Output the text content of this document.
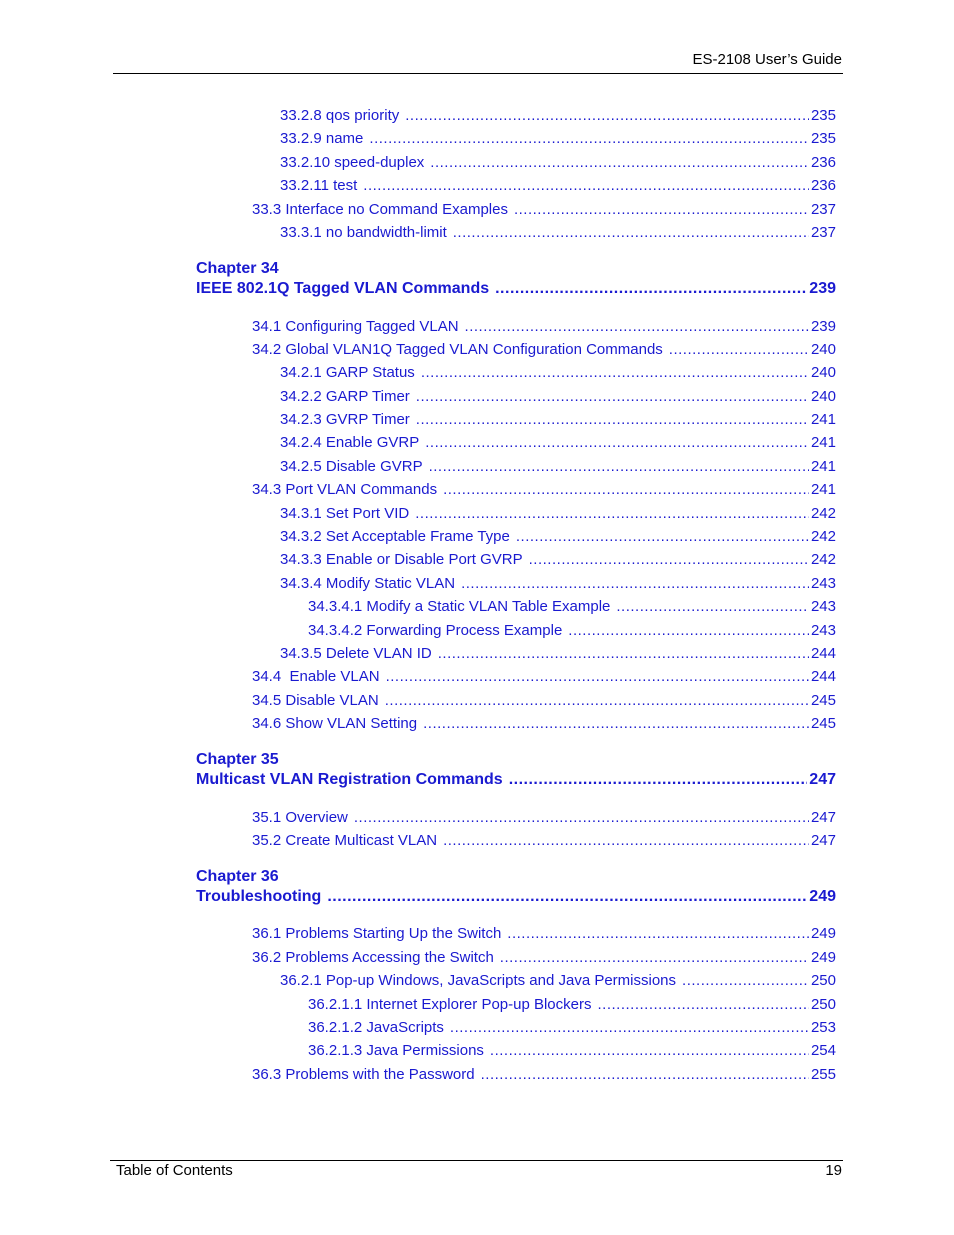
ES-2108 User’s Guide
33.2.8 qos priority .....	235
33.2.9 name .....	235
33.2.10 speed-duplex .....	236
33.2.11 test .....	236
33.3 Interface no Command Examples .....	237
33.3.1 no bandwidth-limit .....	237
Chapter 34
IEEE 802.1Q Tagged VLAN Commands .....	239
34.1 Configuring Tagged VLAN .....	239
34.2 Global VLAN1Q Tagged VLAN Configuration Commands .....	240
34.2.1 GARP Status .....	240
34.2.2 GARP Timer .....	240
34.2.3 GVRP Timer .....	241
34.2.4 Enable GVRP .....	241
34.2.5 Disable GVRP .....	241
34.3 Port VLAN Commands .....	241
34.3.1 Set Port VID .....	242
34.3.2 Set Acceptable Frame Type .....	242
34.3.3 Enable or Disable Port GVRP .....	242
34.3.4 Modify Static VLAN .....	243
34.3.4.1 Modify a Static VLAN Table Example .....	243
34.3.4.2 Forwarding Process Example .....	243
34.3.5 Delete VLAN ID .....	244
34.4  Enable VLAN .....	244
34.5 Disable VLAN .....	245
34.6 Show VLAN Setting .....	245
Chapter 35
Multicast VLAN Registration Commands .....	247
35.1 Overview .....	247
35.2 Create Multicast VLAN .....	247
Chapter 36
Troubleshooting .....	249
36.1 Problems Starting Up the Switch .....	249
36.2 Problems Accessing the Switch .....	249
36.2.1 Pop-up Windows, JavaScripts and Java Permissions .....	250
36.2.1.1 Internet Explorer Pop-up Blockers .....	250
36.2.1.2 JavaScripts .....	253
36.2.1.3 Java Permissions .....	254
36.3 Problems with the Password .....	255
Table of Contents	19
